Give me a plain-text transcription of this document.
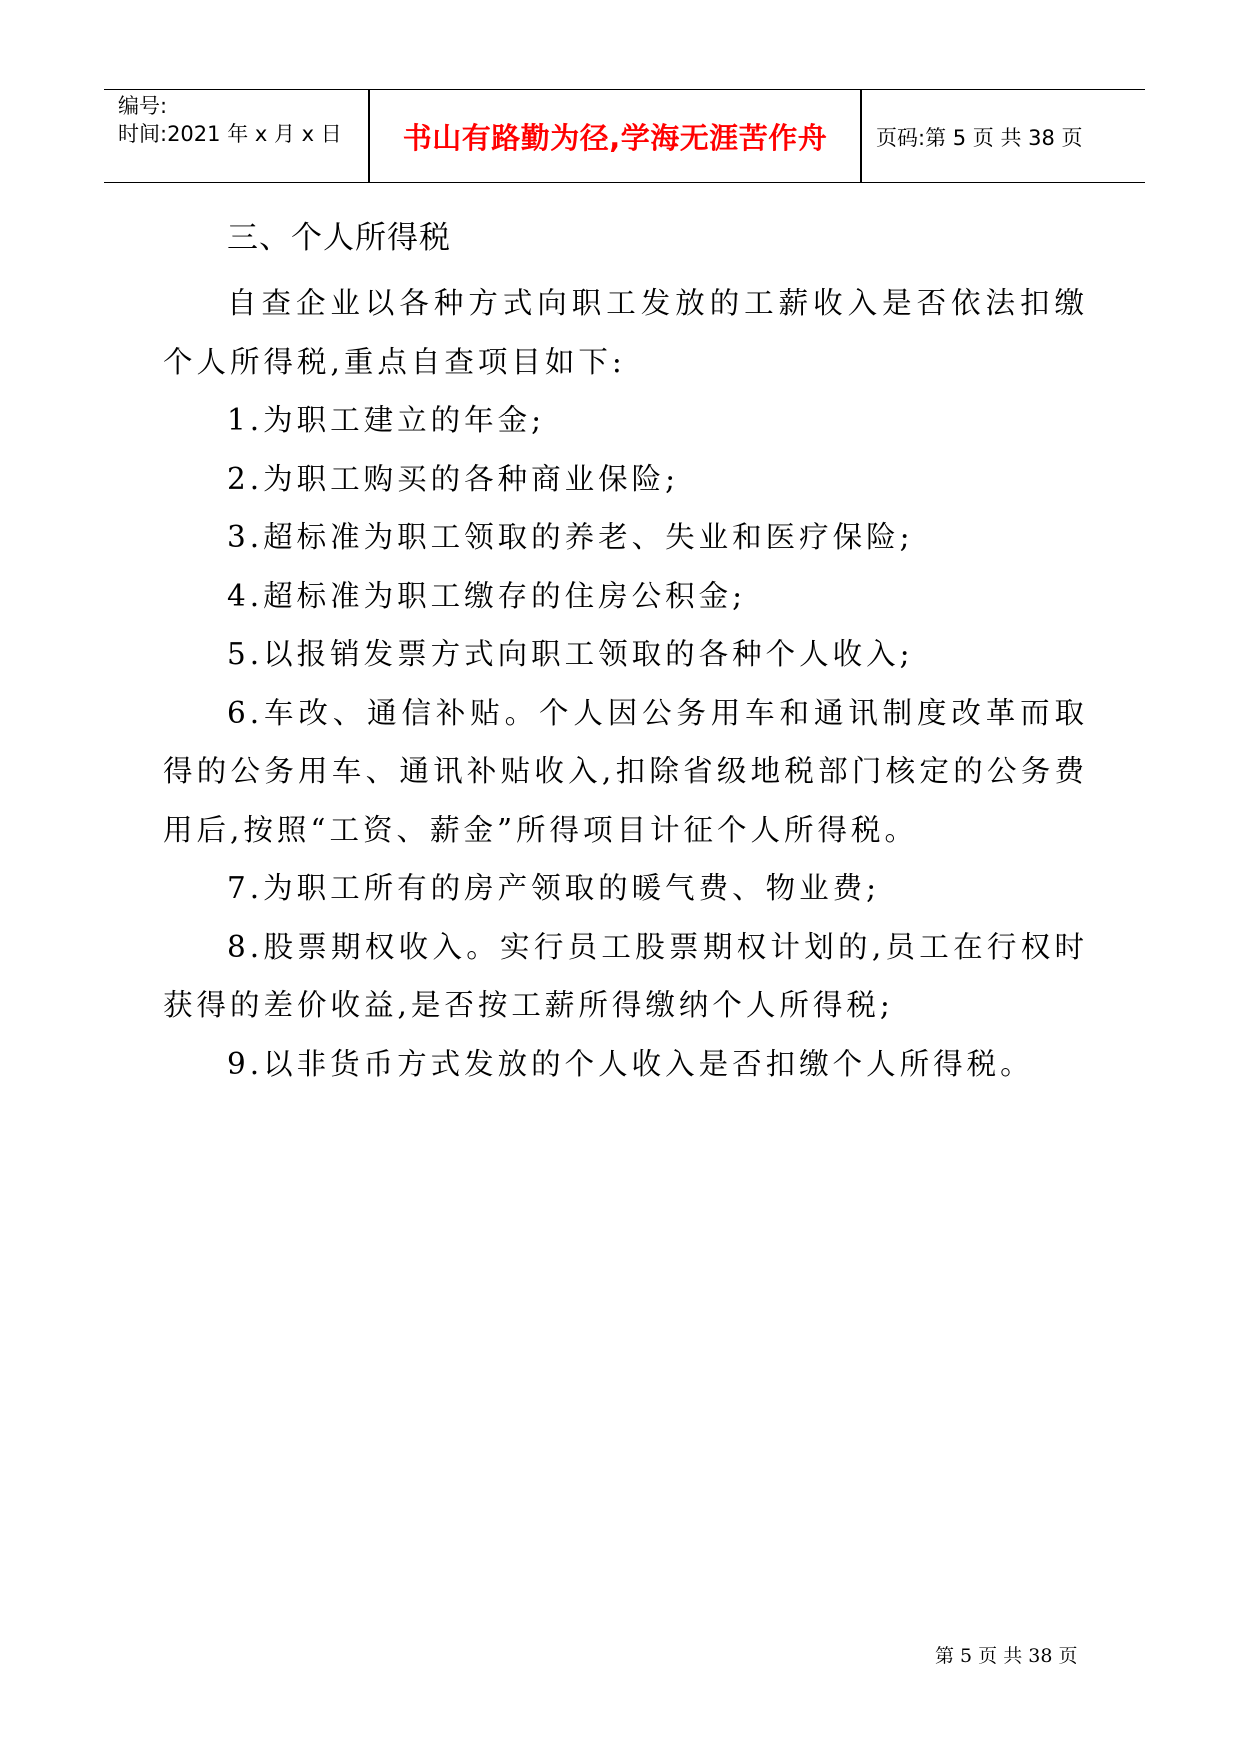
编号:
时间:2021 年 x 月 x 日	书山有路勤为径,学海无涯苦作舟	页码:第 5 页 共 38 页
三、个人所得税

自查企业以各种方式向职工发放的工薪收入是否依法扣缴个人所得税,重点自查项目如下:

1.为职工建立的年金;

2.为职工购买的各种商业保险;

3.超标准为职工领取的养老、失业和医疗保险;

4.超标准为职工缴存的住房公积金;

5.以报销发票方式向职工领取的各种个人收入;

6.车改、通信补贴。个人因公务用车和通讯制度改革而取得的公务用车、通讯补贴收入,扣除省级地税部门核定的公务费用后,按照“工资、薪金”所得项目计征个人所得税。

7.为职工所有的房产领取的暖气费、物业费;

8.股票期权收入。实行员工股票期权计划的,员工在行权时获得的差价收益,是否按工薪所得缴纳个人所得税;

9.以非货币方式发放的个人收入是否扣缴个人所得税。

第 5 页 共 38 页
